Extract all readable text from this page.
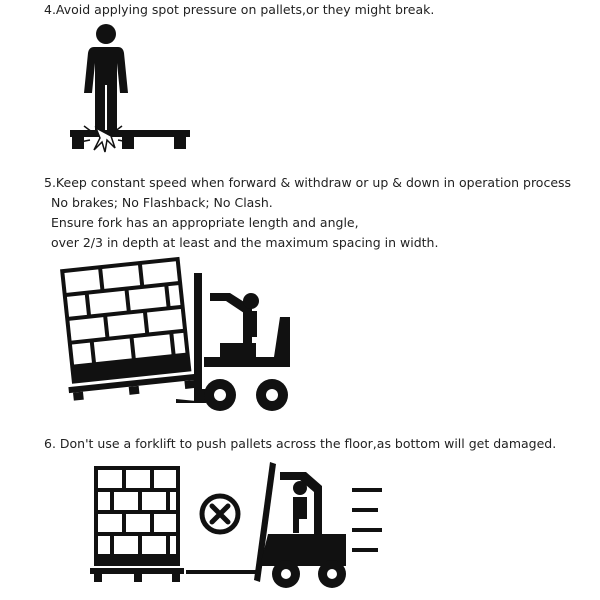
4.Avoid applying spot pressure on pallets,or they might break.
5.Keep constant speed when forward & withdraw or up & down in operation process
No brakes; No Flashback; No Clash.
Ensure fork has an appropriate length and angle,
over 2/3 in depth at least and the maximum spacing in width.
6. Don't use a forklift to push pallets across the floor,as bottom will get damaged.
